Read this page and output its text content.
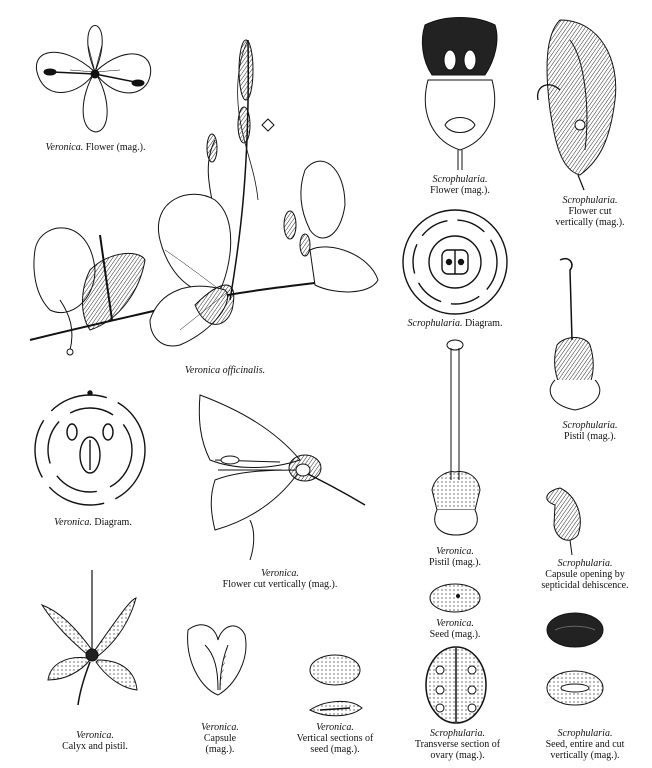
Veronica. Flower (mag.).
Veronica officinalis.
Scrophularia.
Flower (mag.).
Scrophularia.
Flower cut
vertically (mag.).
Scrophularia. Diagram.
Scrophularia.
Pistil (mag.).
Veronica. Diagram.
Veronica.
Flower cut vertically (mag.).
Veronica.
Pistil (mag.).	Scrophularia.
Capsule opening by
septicidal dehiscence.
Veronica.
Seed (mag.).
Veronica.
Calyx and pistil.
Veronica.
Capsule
(mag.).
Veronica.
Vertical sections of
seed (mag.).
Scrophularia.
Transverse section of
ovary (mag.).
Scrophularia.
Seed, entire and cut
vertically (mag.).
